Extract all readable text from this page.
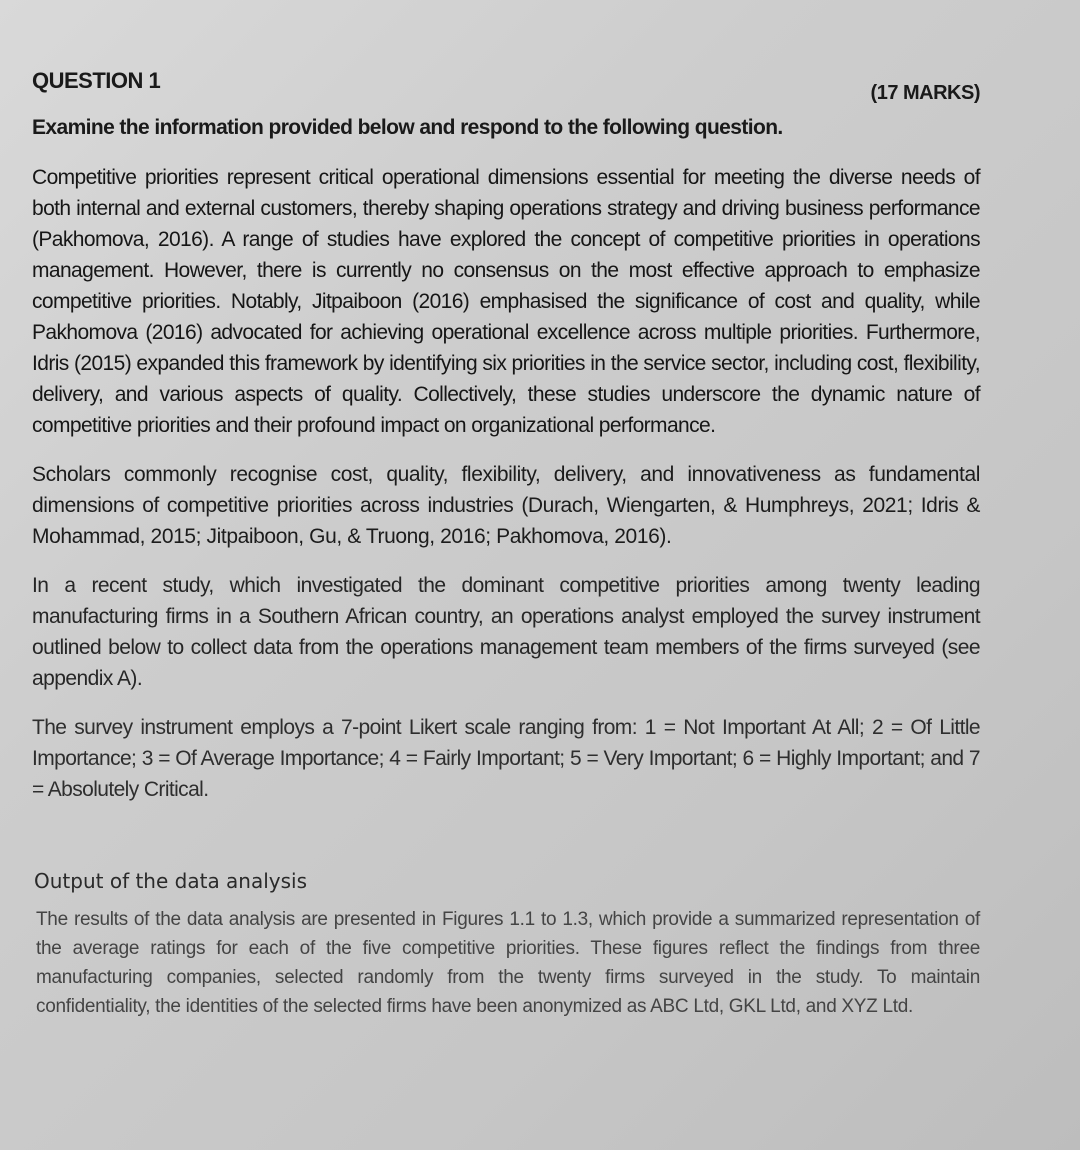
QUESTION 1	(17 MARKS)
Examine the information provided below and respond to the following question.

Competitive priorities represent critical operational dimensions essential for meeting the diverse needs of both internal and external customers, thereby shaping operations strategy and driving business performance (Pakhomova, 2016). A range of studies have explored the concept of competitive priorities in operations management. However, there is currently no consensus on the most effective approach to emphasize competitive priorities. Notably, Jitpaiboon (2016) emphasised the significance of cost and quality, while Pakhomova (2016) advocated for achieving operational excellence across multiple priorities. Furthermore, Idris (2015) expanded this framework by identifying six priorities in the service sector, including cost, flexibility, delivery, and various aspects of quality. Collectively, these studies underscore the dynamic nature of competitive priorities and their profound impact on organizational performance.

Scholars commonly recognise cost, quality, flexibility, delivery, and innovativeness as fundamental dimensions of competitive priorities across industries (Durach, Wiengarten, & Humphreys, 2021; Idris & Mohammad, 2015; Jitpaiboon, Gu, & Truong, 2016; Pakhomova, 2016).

In a recent study, which investigated the dominant competitive priorities among twenty leading manufacturing firms in a Southern African country, an operations analyst employed the survey instrument outlined below to collect data from the operations management team members of the firms surveyed (see appendix A).

The survey instrument employs a 7-point Likert scale ranging from: 1 = Not Important At All; 2 = Of Little Importance; 3 = Of Average Importance; 4 = Fairly Important; 5 = Very Important; 6 = Highly Important; and 7 = Absolutely Critical.

Output of the data analysis

The results of the data analysis are presented in Figures 1.1 to 1.3, which provide a summarized representation of the average ratings for each of the five competitive priorities. These figures reflect the findings from three manufacturing companies, selected randomly from the twenty firms surveyed in the study. To maintain confidentiality, the identities of the selected firms have been anonymized as ABC Ltd, GKL Ltd, and XYZ Ltd.
